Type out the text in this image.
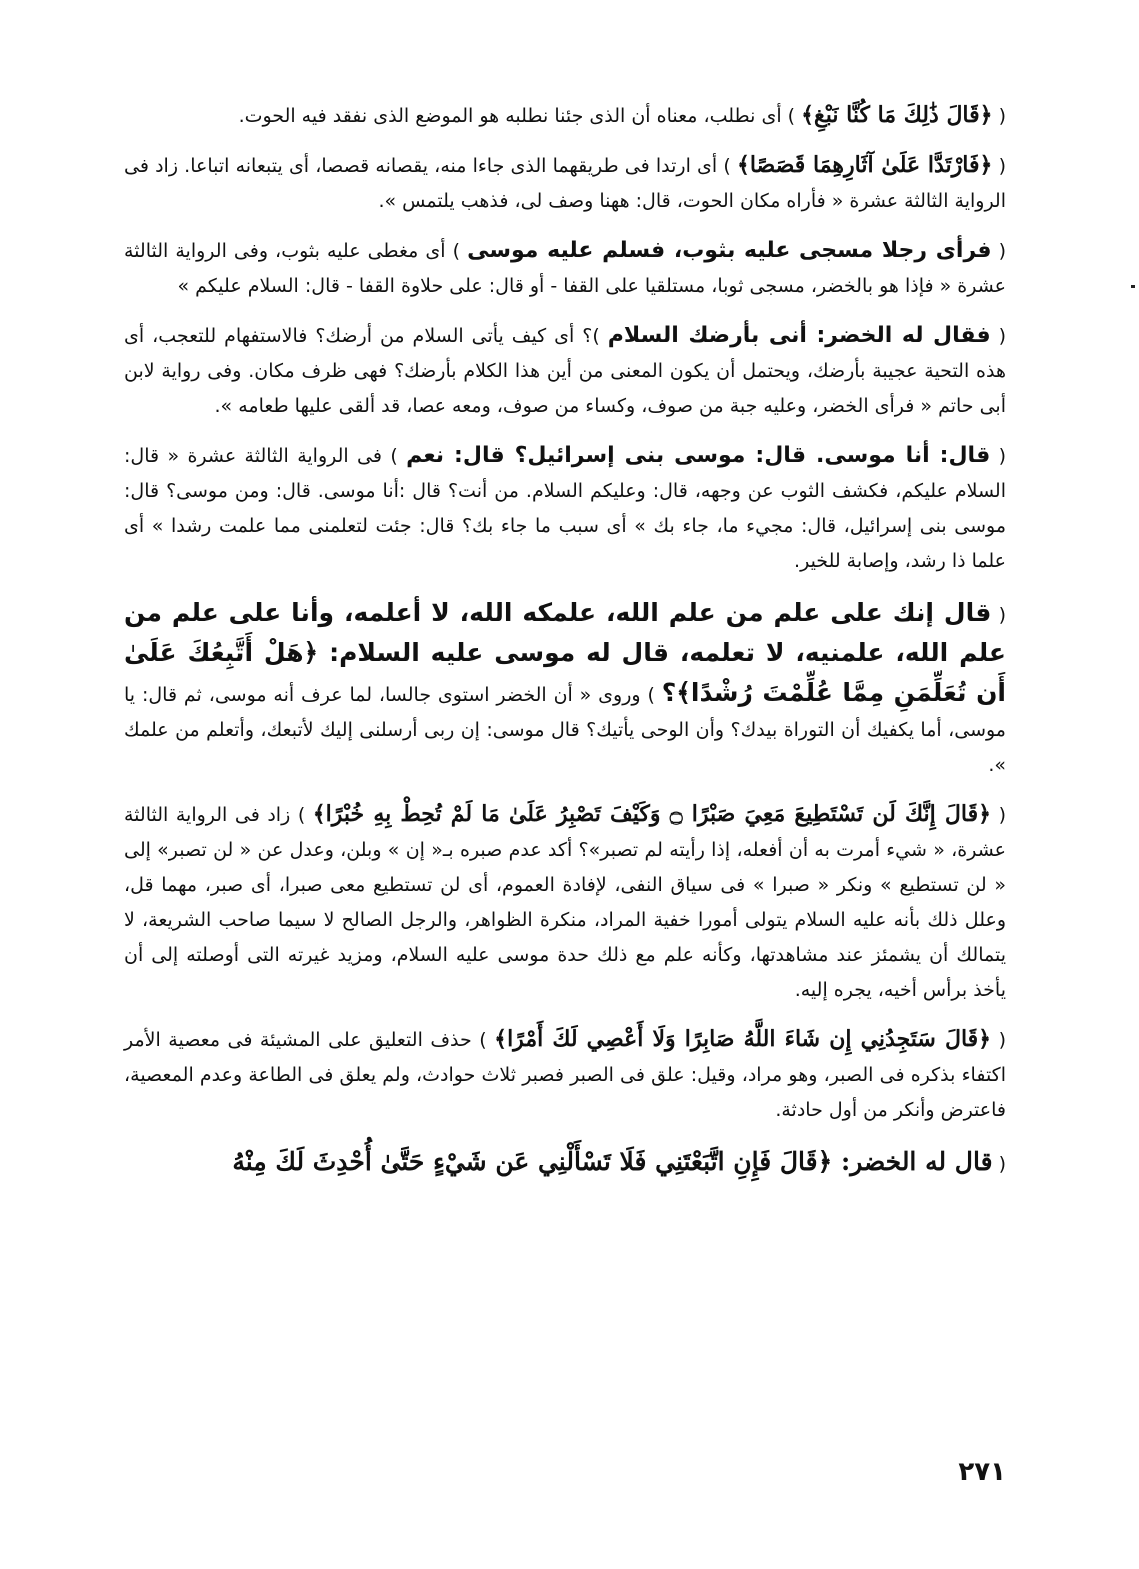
( ﴿قَالَ ذَٰلِكَ مَا كُنَّا نَبْغِ﴾ ) أى نطلب، معناه أن الذى جئنا نطلبه هو الموضع الذى نفقد فيه الحوت.

( ﴿فَارْتَدَّا عَلَىٰ آثَارِهِمَا قَصَصًا﴾ ) أى ارتدا فى طريقهما الذى جاءا منه، يقصانه قصصا، أى يتبعانه اتباعا. زاد فى الرواية الثالثة عشرة « فأراه مكان الحوت، قال: ههنا وصف لى، فذهب يلتمس ».

( فرأى رجلا مسجى عليه بثوب، فسلم عليه موسى ) أى مغطى عليه بثوب، وفى الرواية الثالثة عشرة « فإذا هو بالخضر، مسجى ثوبا، مستلقيا على القفا - أو قال: على حلاوة القفا - قال: السلام عليكم »

( فقال له الخضر: أنى بأرضك السلام )؟ أى كيف يأتى السلام من أرضك؟ فالاستفهام للتعجب، أى هذه التحية عجيبة بأرضك، ويحتمل أن يكون المعنى من أين هذا الكلام بأرضك؟ فهى ظرف مكان. وفى رواية لابن أبى حاتم « فرأى الخضر، وعليه جبة من صوف، وكساء من صوف، ومعه عصا، قد ألقى عليها طعامه ».

( قال: أنا موسى. قال: موسى بنى إسرائيل؟ قال: نعم ) فى الرواية الثالثة عشرة « قال: السلام عليكم، فكشف الثوب عن وجهه، قال: وعليكم السلام. من أنت؟ قال :أنا موسى. قال: ومن موسى؟ قال: موسى بنى إسرائيل، قال: مجيء ما، جاء بك » أى سبب ما جاء بك؟ قال: جئت لتعلمنى مما علمت رشدا » أى علما ذا رشد، وإصابة للخير.

( قال إنك على علم من علم الله، علمكه الله، لا أعلمه، وأنا على علم من علم الله، علمنيه، لا تعلمه، قال له موسى عليه السلام: ﴿هَلْ أَتَّبِعُكَ عَلَىٰ أَن تُعَلِّمَنِ مِمَّا عُلِّمْتَ رُشْدًا﴾؟ ) وروى « أن الخضر استوى جالسا، لما عرف أنه موسى، ثم قال: يا موسى، أما يكفيك أن التوراة بيدك؟ وأن الوحى يأتيك؟ قال موسى: إن ربى أرسلنى إليك لأتبعك، وأتعلم من علمك ».

( ﴿قَالَ إِنَّكَ لَن تَسْتَطِيعَ مَعِيَ صَبْرًا ۝ وَكَيْفَ تَصْبِرُ عَلَىٰ مَا لَمْ تُحِطْ بِهِ خُبْرًا﴾ ) زاد فى الرواية الثالثة عشرة، « شيء أمرت به أن أفعله، إذا رأيته لم تصبر»؟ أكد عدم صبره بـ« إن » وبلن، وعدل عن « لن تصبر» إلى « لن تستطيع » ونكر « صبرا » فى سياق النفى، لإفادة العموم، أى لن تستطيع معى صبرا، أى صبر، مهما قل، وعلل ذلك بأنه عليه السلام يتولى أمورا خفية المراد، منكرة الظواهر، والرجل الصالح لا سيما صاحب الشريعة، لا يتمالك أن يشمئز عند مشاهدتها، وكأنه علم مع ذلك حدة موسى عليه السلام، ومزيد غيرته التى أوصلته إلى أن يأخذ برأس أخيه، يجره إليه.

( ﴿قَالَ سَتَجِدُنِي إِن شَاءَ اللَّهُ صَابِرًا وَلَا أَعْصِي لَكَ أَمْرًا﴾ ) حذف التعليق على المشيئة فى معصية الأمر اكتفاء بذكره فى الصبر، وهو مراد، وقيل: علق فى الصبر فصبر ثلاث حوادث، ولم يعلق فى الطاعة وعدم المعصية، فاعترض وأنكر من أول حادثة.

( قال له الخضر: ﴿قَالَ فَإِنِ اتَّبَعْتَنِي فَلَا تَسْأَلْنِي عَن شَيْءٍ حَتَّىٰ أُحْدِثَ لَكَ مِنْهُ

٢٧١
